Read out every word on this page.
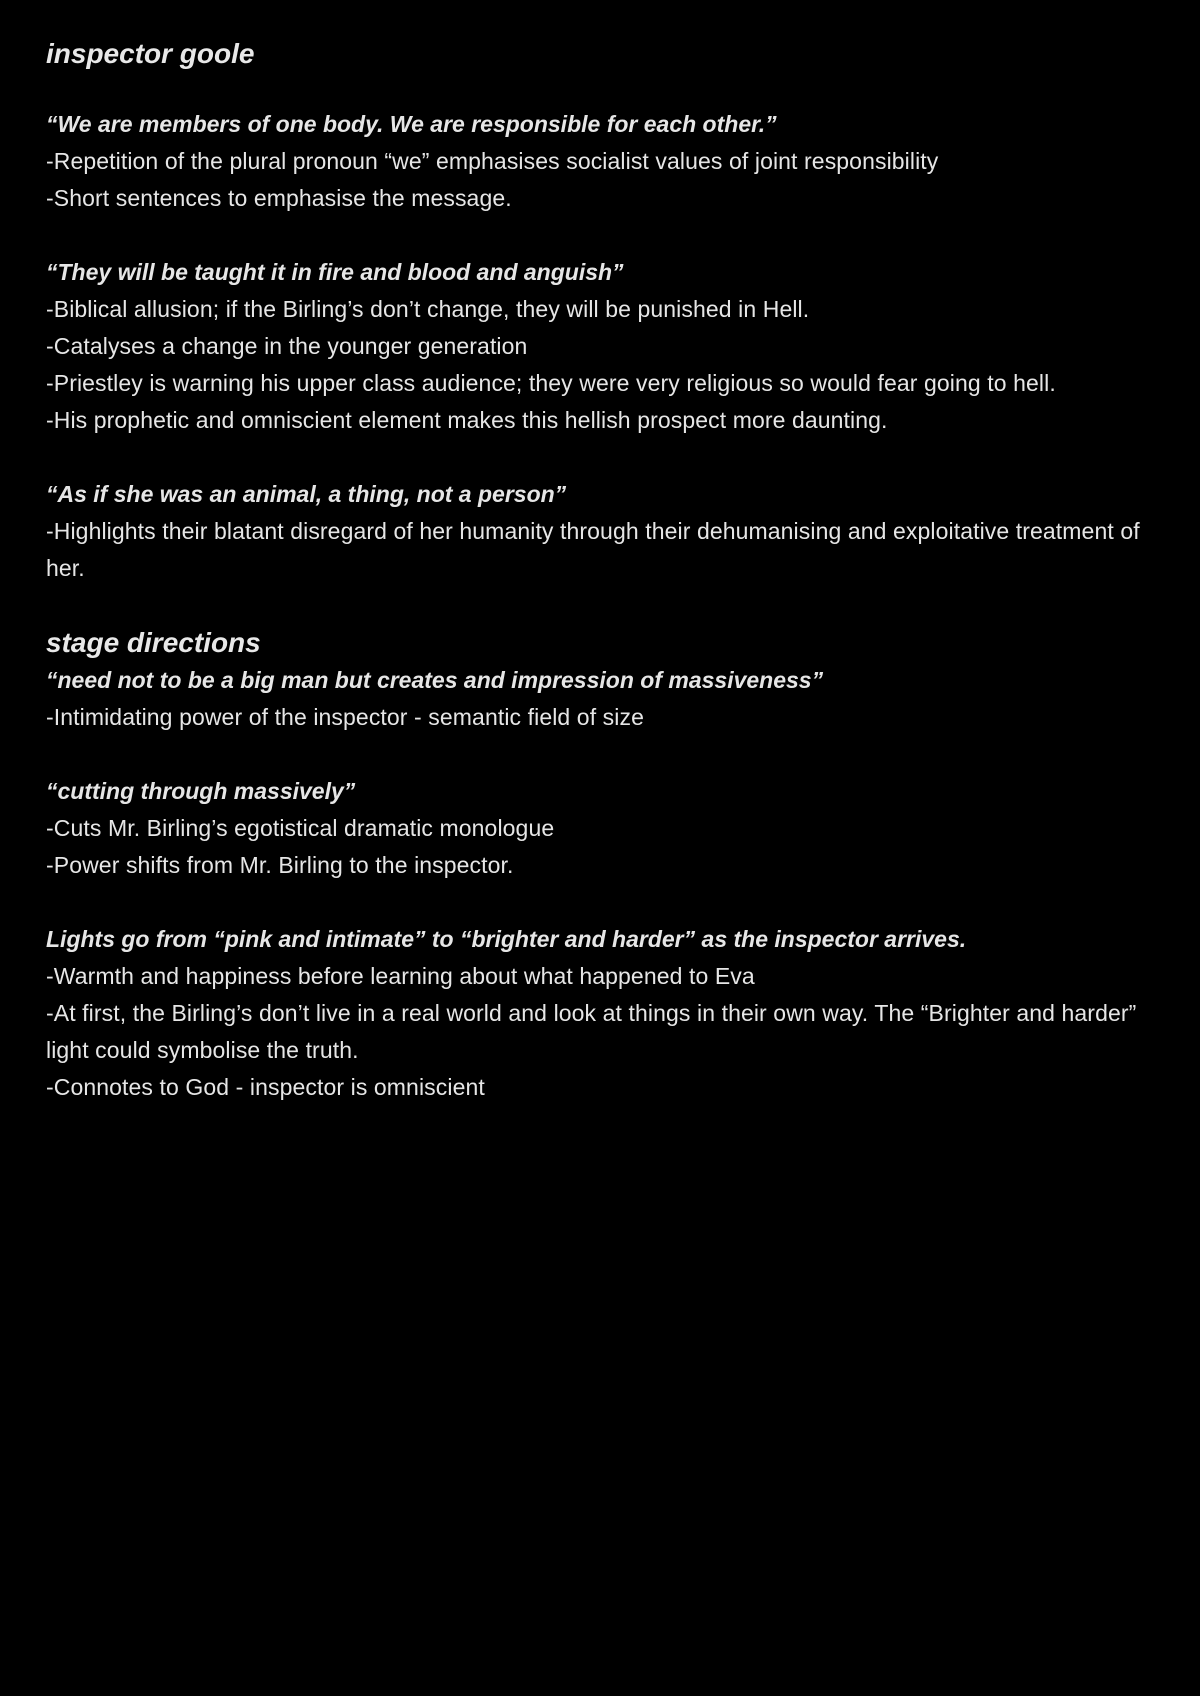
inspector goole

“We are members of one body. We are responsible for each other.”

-Repetition of the plural pronoun “we” emphasises socialist values of joint responsibility

-Short sentences to emphasise the message.

“They will be taught it in fire and blood and anguish”

-Biblical allusion; if the Birling’s don’t change, they will be punished in Hell.

-Catalyses a change in the younger generation

-Priestley is warning his upper class audience; they were very religious so would fear going to hell.

-His prophetic and omniscient element makes this hellish prospect more daunting.

“As if she was an animal, a thing, not a person”

-Highlights their blatant disregard of her humanity through their dehumanising and exploitative treatment of her.

stage directions

“need not to be a big man but creates and impression of massiveness”

-Intimidating power of the inspector - semantic field of size

“cutting through massively”

-Cuts Mr. Birling’s egotistical dramatic monologue

-Power shifts from Mr. Birling to the inspector.

Lights go from “pink and intimate” to “brighter and harder” as the inspector arrives.

-Warmth and happiness before learning about what happened to Eva

-At first, the Birling’s don’t live in a real world and look at things in their own way. The “Brighter and harder” light could symbolise the truth.

-Connotes to God - inspector is omniscient
